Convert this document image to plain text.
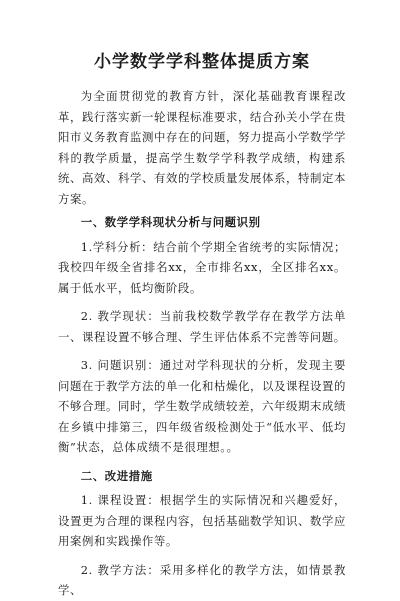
小学数学学科整体提质方案

为全面贯彻党的教育方针，深化基础教育课程改革，践行落实新一轮课程标准要求，结合孙关小学在贵阳市义务教育监测中存在的问题，努力提高小学数学学科的教学质量，提高学生数学学科教学成绩，构建系统、高效、科学、有效的学校质量发展体系，特制定本方案。

一、数学学科现状分析与问题识别

1.学科分析：结合前个学期全省统考的实际情况；我校四年级全省排名xx，全市排名xx，全区排名xx。属于低水平，低均衡阶段。

2. 教学现状：当前我校数学教学存在教学方法单一、课程设置不够合理、学生评估体系不完善等问题。

3. 问题识别：通过对学科现状的分析，发现主要问题在于教学方法的单一化和枯燥化，以及课程设置的不够合理。同时，学生数学成绩较差，六年级期末成绩在乡镇中排第三，四年级省级检测处于“低水平、低均衡”状态，总体成绩不是很理想。。

二、改进措施

1. 课程设置：根据学生的实际情况和兴趣爱好，设置更为合理的课程内容，包括基础数学知识、数学应用案例和实践操作等。

2. 教学方法：采用多样化的教学方法，如情景教学、
